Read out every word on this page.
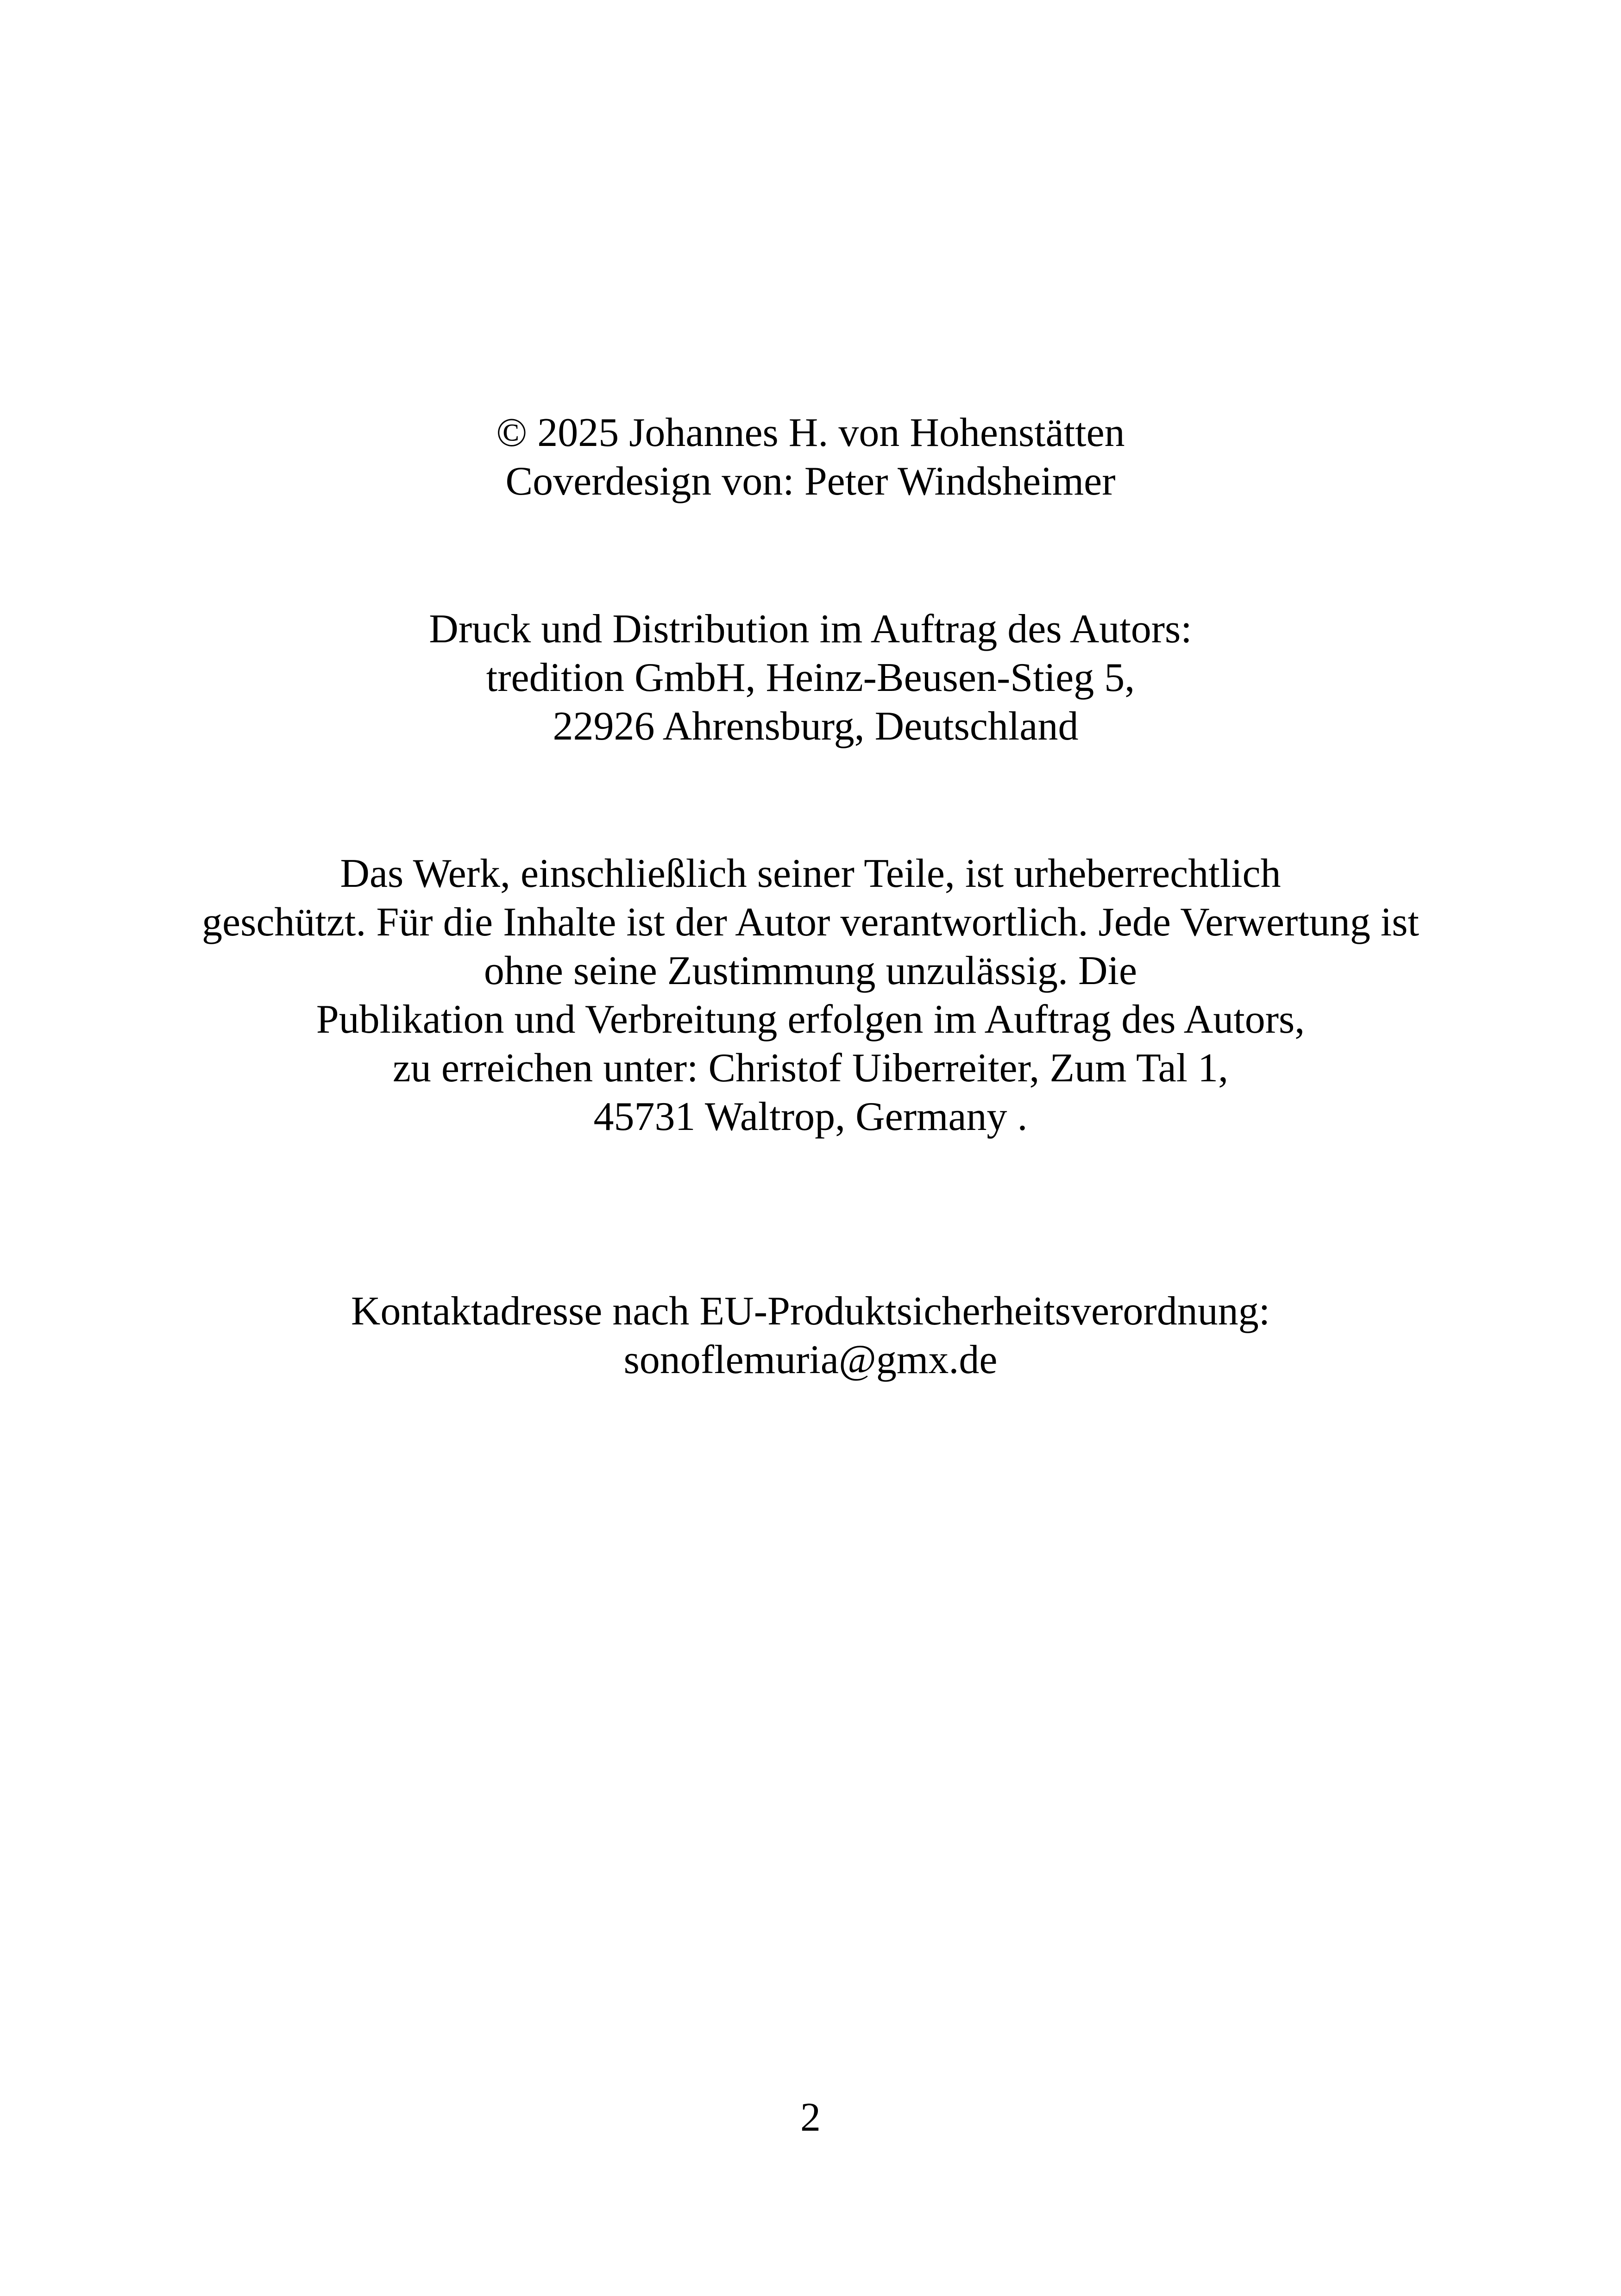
© 2025 Johannes H. von Hohenstätten
Coverdesign von: Peter Windsheimer
Druck und Distribution im Auftrag des Autors:
tredition GmbH, Heinz-Beusen-Stieg 5,
22926 Ahrensburg, Deutschland
Das Werk, einschließlich seiner Teile, ist urheberrechtlich
geschützt. Für die Inhalte ist der Autor verantwortlich. Jede Verwertung ist
ohne seine Zustimmung unzulässig. Die
Publikation und Verbreitung erfolgen im Auftrag des Autors,
zu erreichen unter: Christof Uiberreiter, Zum Tal 1,
45731 Waltrop, Germany .
Kontaktadresse nach EU-Produktsicherheitsverordnung:
sonoflemuria@gmx.de
2
